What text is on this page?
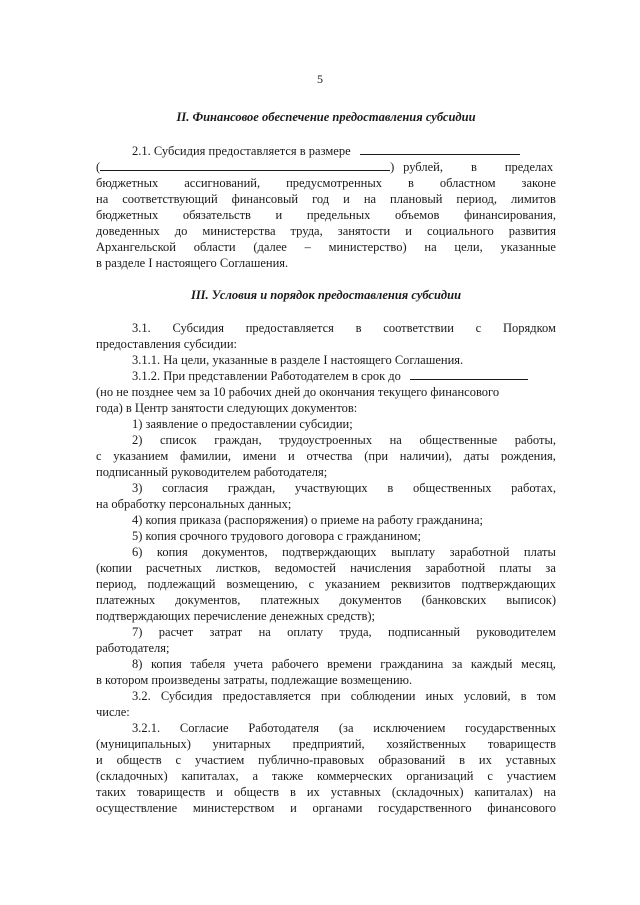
5
II. Финансовое обеспечение предоставления субсидии
2.1. Субсидия предоставляется в размере
(	) рублей, в пределах
бюджетных ассигнований, предусмотренных в областном законе
на соответствующий финансовый год и на плановый период, лимитов
бюджетных обязательств и предельных объемов финансирования,
доведенных до министерства труда, занятости и социального развития
Архангельской области (далее – министерство) на цели, указанные
в разделе I настоящего Соглашения.
III. Условия и порядок предоставления субсидии
3.1. Субсидия предоставляется в соответствии с Порядком
предоставления субсидии:
3.1.1. На цели, указанные в разделе I настоящего Соглашения.
3.1.2. При представлении Работодателем в срок до
(но не позднее чем за 10 рабочих дней до окончания текущего финансового
года) в Центр занятости следующих документов:
1) заявление о предоставлении субсидии;
2) список граждан, трудоустроенных на общественные работы,
с указанием фамилии, имени и отчества (при наличии), даты рождения,
подписанный руководителем работодателя;
3) согласия граждан, участвующих в общественных работах,
на обработку персональных данных;
4) копия приказа (распоряжения) о приеме на работу гражданина;
5) копия срочного трудового договора с гражданином;
6) копия документов, подтверждающих выплату заработной платы
(копии расчетных листков, ведомостей начисления заработной платы за
период, подлежащий возмещению, с указанием реквизитов подтверждающих
платежных документов, платежных документов (банковских выписок)
подтверждающих перечисление денежных средств);
7) расчет затрат на оплату труда, подписанный руководителем
работодателя;
8) копия табеля учета рабочего времени гражданина за каждый месяц,
в котором произведены затраты, подлежащие возмещению.
3.2. Субсидия предоставляется при соблюдении иных условий, в том
числе:
3.2.1. Согласие Работодателя (за исключением государственных
(муниципальных) унитарных предприятий, хозяйственных товариществ
и обществ с участием публично-правовых образований в их уставных
(складочных) капиталах, а также коммерческих организаций с участием
таких товариществ и обществ в их уставных (складочных) капиталах) на
осуществление министерством и органами государственного финансового
